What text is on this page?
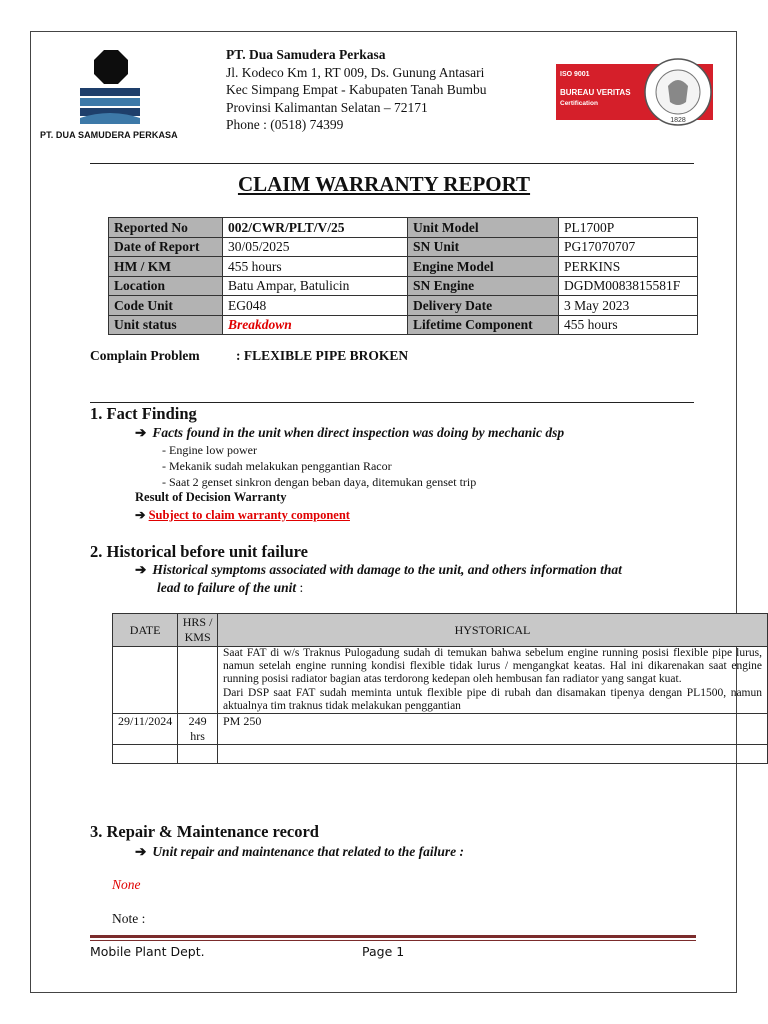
PT. DUA SAMUDERA PERKASA
PT. Dua Samudera Perkasa
Jl. Kodeco Km 1, RT 009, Ds. Gunung Antasari
Kec Simpang Empat - Kabupaten Tanah Bumbu
Provinsi Kalimantan Selatan – 72171
Phone : (0518) 74399
ISO 9001
BUREAU VERITAS
Certification
1828
CLAIM WARRANTY REPORT
Reported No	002/CWR/PLT/V/25	Unit Model	PL1700P
Date of Report	30/05/2025	SN Unit	PG17070707
HM / KM	455 hours	Engine Model	PERKINS
Location	Batu Ampar, Batulicin	SN Engine	DGDM0083815581F
Code Unit	EG048	Delivery Date	3 May 2023
Unit status	Breakdown	Lifetime Component	455 hours
Complain Problem	: FLEXIBLE PIPE BROKEN
1. Fact Finding
➔ Facts found in the unit when direct inspection was doing by mechanic dsp
- Engine low power
- Mekanik sudah melakukan penggantian Racor
- Saat 2 genset sinkron dengan beban daya, ditemukan genset trip
Result of Decision Warranty
➔ Subject to claim warranty component
2. Historical before unit failure
➔ Historical symptoms associated with damage to the unit, and others information that
lead to failure of the unit :
DATE	HRS / KMS	HYSTORICAL

		Saat FAT di w/s Traknus Pulogadung sudah di temukan bahwa sebelum engine running posisi flexible pipe lurus, namun setelah engine running kondisi flexible tidak lurus / mengangkat keatas. Hal ini dikarenakan saat engine running posisi radiator bagian atas terdorong kedepan oleh hembusan fan radiator yang sangat kuat.
Dari DSP saat FAT sudah meminta untuk flexible pipe di rubah dan disamakan tipenya dengan PL1500, namun aktualnya tim traknus tidak melakukan penggantian

29/11/2024	249 hrs	PM 250

3. Repair & Maintenance record
➔ Unit repair and maintenance that related to the failure :
None
Note :
Mobile Plant Dept.	Page 1
